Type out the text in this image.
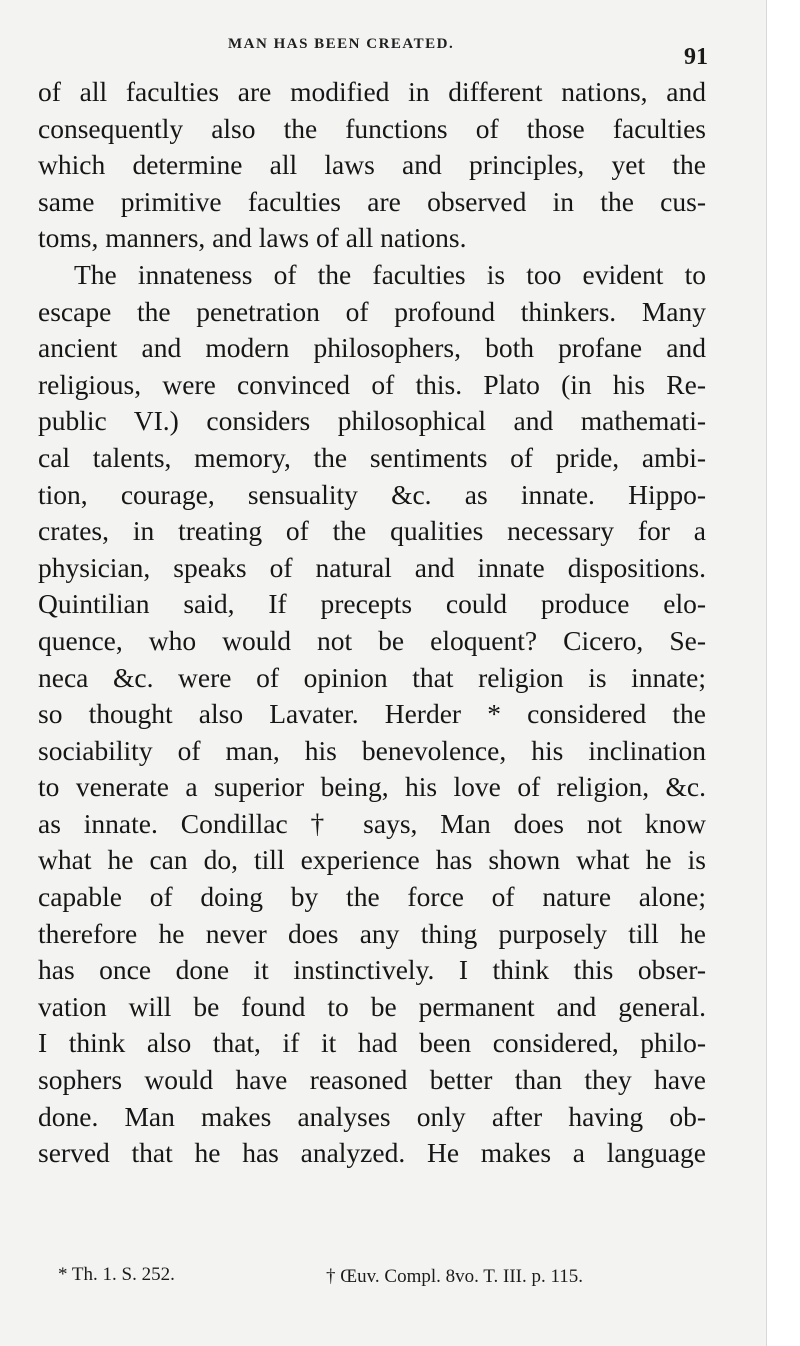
MAN HAS BEEN CREATED.	91
of all faculties are modified in different nations, and
consequently also the functions of those faculties
which determine all laws and principles, yet the
same primitive faculties are observed in the cus-
toms, manners, and laws of all nations.
The innateness of the faculties is too evident to
escape the penetration of profound thinkers. Many
ancient and modern philosophers, both profane and
religious, were convinced of this. Plato (in his Re-
public VI.) considers philosophical and mathemati-
cal talents, memory, the sentiments of pride, ambi-
tion, courage, sensuality &c. as innate. Hippo-
crates, in treating of the qualities necessary for a
physician, speaks of natural and innate dispositions.
Quintilian said, If precepts could produce elo-
quence, who would not be eloquent? Cicero, Se-
neca &c. were of opinion that religion is innate;
so thought also Lavater. Herder * considered the
sociability of man, his benevolence, his inclination
to venerate a superior being, his love of religion, &c.
as innate. Condillac † says, Man does not know
what he can do, till experience has shown what he is
capable of doing by the force of nature alone;
therefore he never does any thing purposely till he
has once done it instinctively. I think this obser-
vation will be found to be permanent and general.
I think also that, if it had been considered, philo-
sophers would have reasoned better than they have
done. Man makes analyses only after having ob-
served that he has analyzed. He makes a language
* Th. 1. S. 252.	† Œuv. Compl. 8vo. T. III. p. 115.
